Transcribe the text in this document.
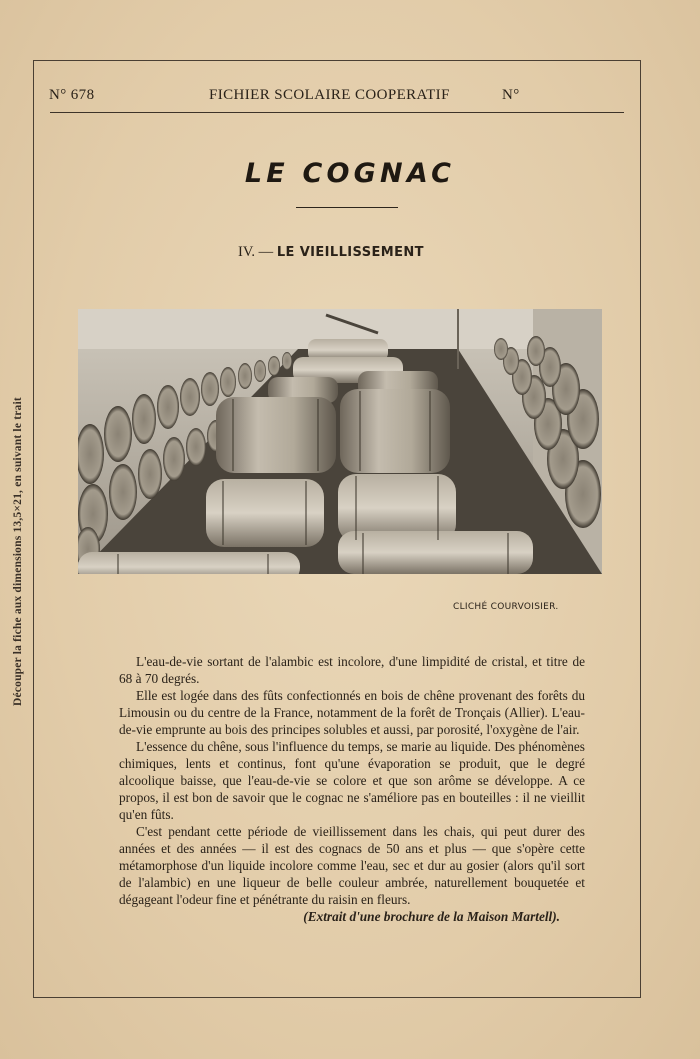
Découper la fiche aux dimensions 13,5×21, en suivant le trait
N° 678	FICHIER SCOLAIRE COOPERATIF	N°
LE COGNAC
IV. — LE VIEILLISSEMENT
CLICHÉ COURVOISIER.

L'eau-de-vie sortant de l'alambic est incolore, d'une limpidité de cristal, et titre de 68 à 70 degrés.

Elle est logée dans des fûts confectionnés en bois de chêne provenant des forêts du Limousin ou du centre de la France, notamment de la forêt de Tronçais (Allier). L'eau-de-vie emprunte au bois des principes solubles et aussi, par porosité, l'oxygène de l'air.

L'essence du chêne, sous l'influence du temps, se marie au liquide. Des phénomènes chimiques, lents et continus, font qu'une évaporation se produit, que le degré alcoolique baisse, que l'eau-de-vie se colore et que son arôme se développe. A ce propos, il est bon de savoir que le cognac ne s'améliore pas en bouteilles : il ne vieillit qu'en fûts.

C'est pendant cette période de vieillissement dans les chais, qui peut durer des années et des années — il est des cognacs de 50 ans et plus — que s'opère cette métamorphose d'un liquide incolore comme l'eau, sec et dur au gosier (alors qu'il sort de l'alambic) en une liqueur de belle couleur ambrée, naturellement bouquetée et dégageant l'odeur fine et pénétrante du raisin en fleurs.

(Extrait d'une brochure de la Maison Martell).
